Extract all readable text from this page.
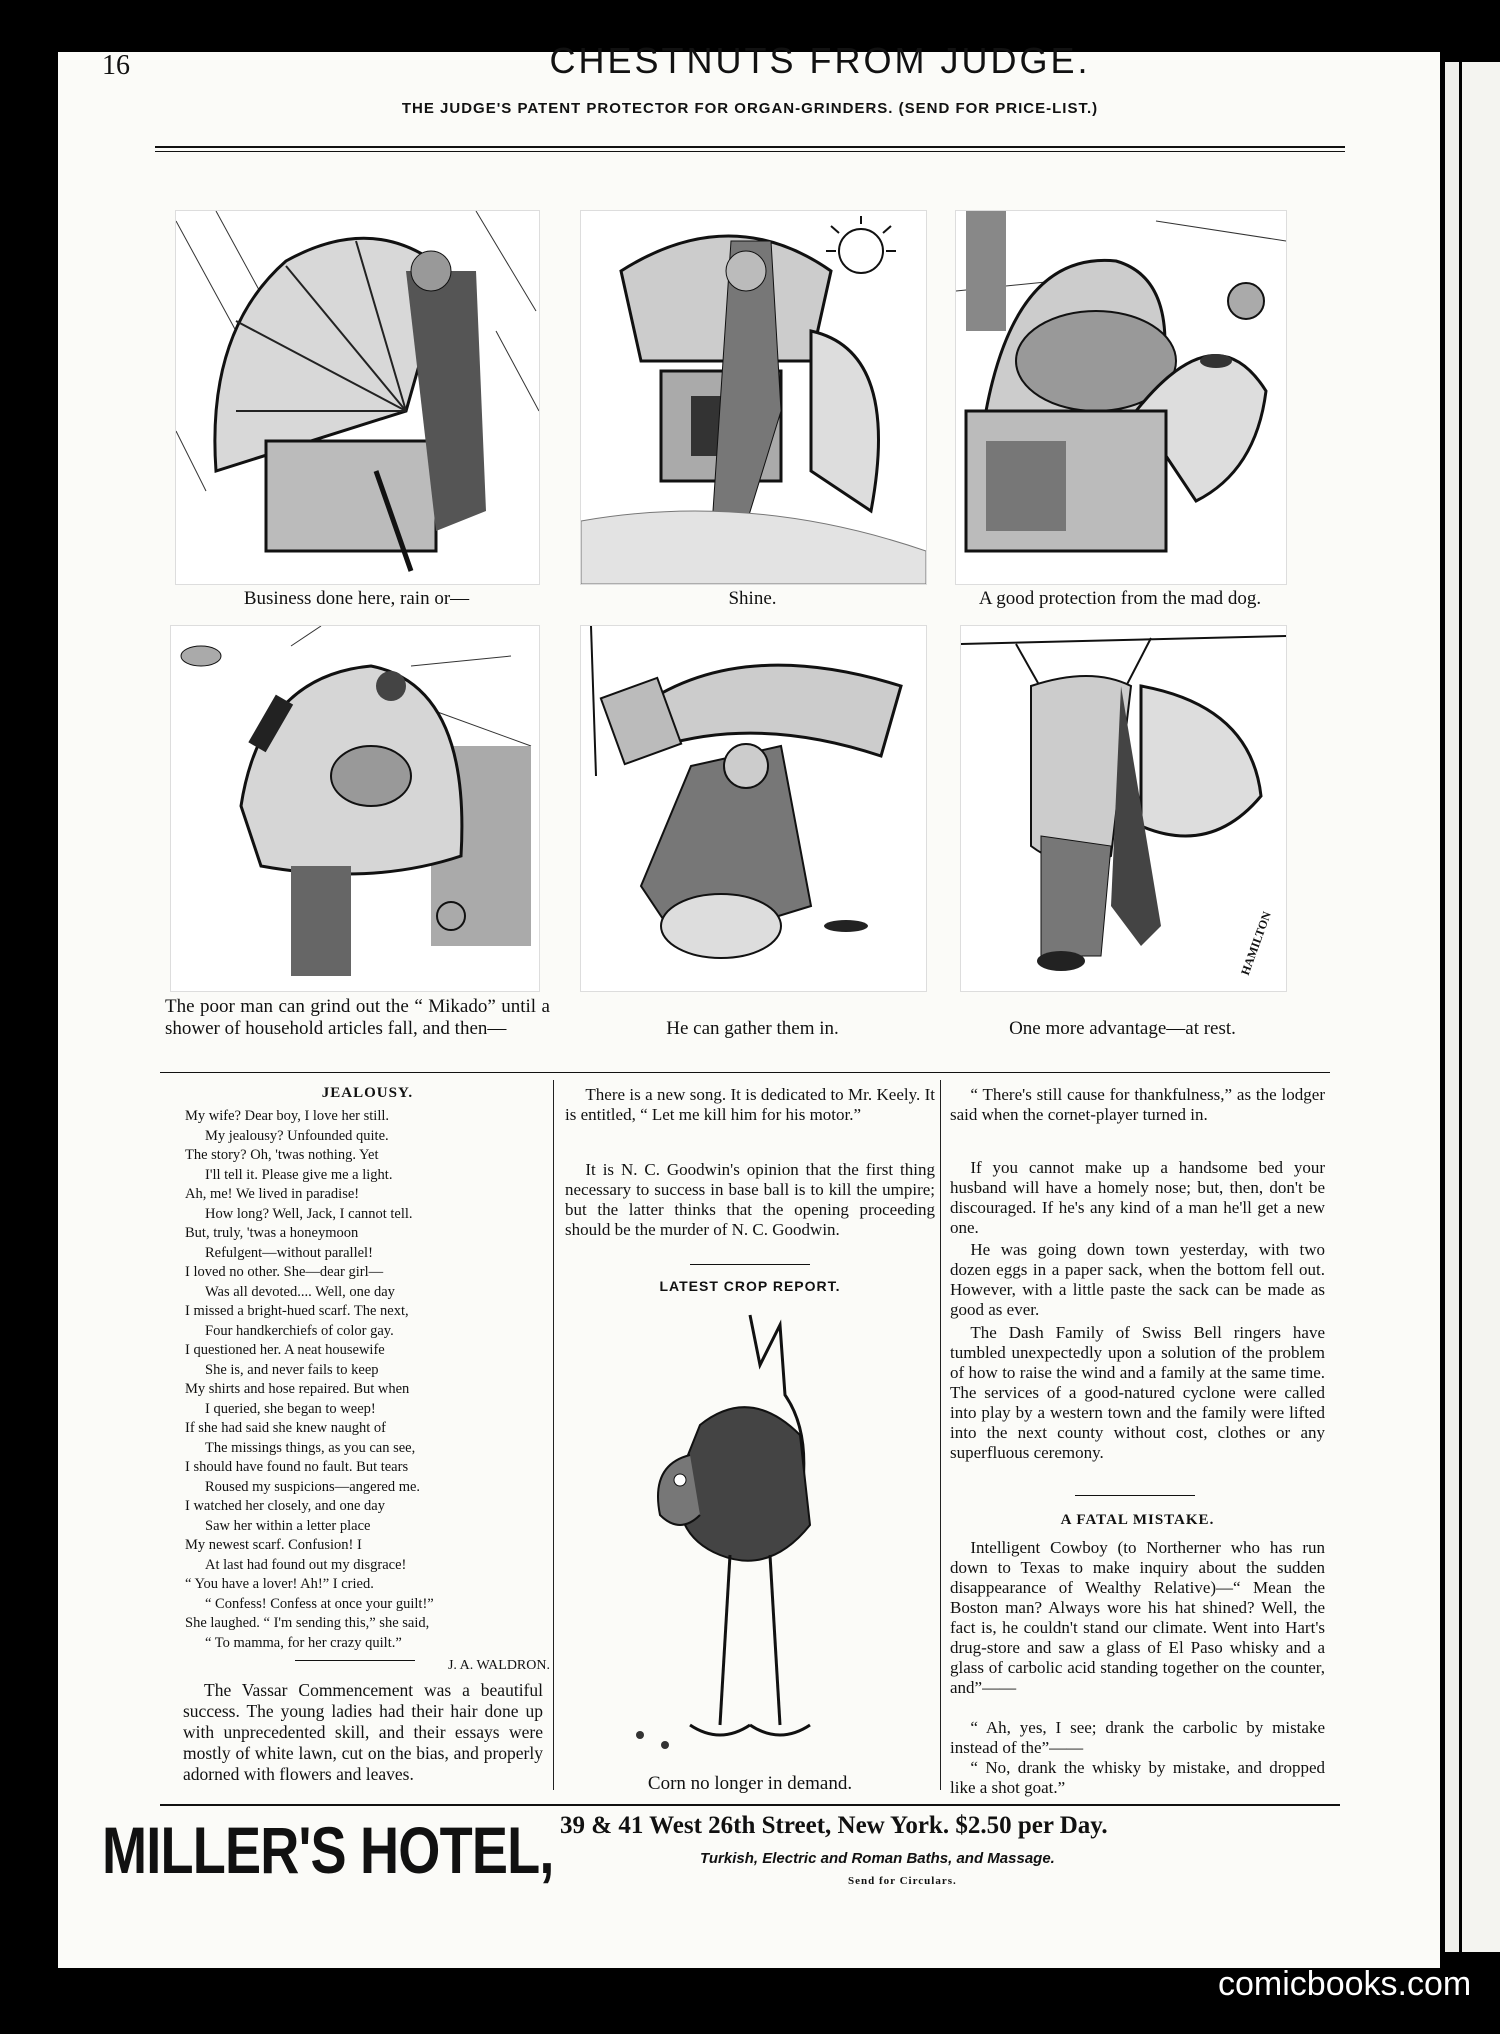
16	CHESTNUTS FROM JUDGE.
THE JUDGE'S PATENT PROTECTOR FOR ORGAN-GRINDERS. (SEND FOR PRICE-LIST.)
Business done here, rain or—	Shine.	A good protection from the mad dog.
The poor man can grind out the “ Mikado” until a shower of household articles fall, and then—	He can gather them in.
HAMILTON
One more advantage—at rest.
JEALOUSY.
My wife? Dear boy, I love her still.
My jealousy? Unfounded quite.
The story? Oh, 'twas nothing. Yet
I'll tell it. Please give me a light.
Ah, me! We lived in paradise!
How long? Well, Jack, I cannot tell.
But, truly, 'twas a honeymoon
Refulgent—without parallel!
I loved no other. She—dear girl—
Was all devoted.... Well, one day
I missed a bright-hued scarf. The next,
Four handkerchiefs of color gay.
I questioned her. A neat housewife
She is, and never fails to keep
My shirts and hose repaired. But when
I queried, she began to weep!
If she had said she knew naught of
The missings things, as you can see,
I should have found no fault. But tears
Roused my suspicions—angered me.
I watched her closely, and one day
Saw her within a letter place
My newest scarf. Confusion! I
At last had found out my disgrace!
“ You have a lover! Ah!” I cried.
“ Confess! Confess at once your guilt!”
She laughed. “ I'm sending this,” she said,
“ To mamma, for her crazy quilt.”
J. A. WALDRON.
The Vassar Commencement was a beautiful success. The young ladies had their hair done up with unprecedented skill, and their essays were mostly of white lawn, cut on the bias, and properly adorned with flowers and leaves.
There is a new song. It is dedicated to Mr. Keely. It is entitled, “ Let me kill him for his motor.”
It is N. C. Goodwin's opinion that the first thing necessary to success in base ball is to kill the umpire; but the latter thinks that the opening proceeding should be the murder of N. C. Goodwin.
LATEST CROP REPORT.
Corn no longer in demand.
“ There's still cause for thankfulness,” as the lodger said when the cornet-player turned in.
If you cannot make up a handsome bed your husband will have a homely nose; but, then, don't be discouraged. If he's any kind of a man he'll get a new one.
He was going down town yesterday, with two dozen eggs in a paper sack, when the bottom fell out. However, with a little paste the sack can be made as good as ever.
The Dash Family of Swiss Bell ringers have tumbled unexpectedly upon a solution of the problem of how to raise the wind and a family at the same time. The services of a good-natured cyclone were called into play by a western town and the family were lifted into the next county without cost, clothes or any superfluous ceremony.
A FATAL MISTAKE.
Intelligent Cowboy (to Northerner who has run down to Texas to make inquiry about the sudden disappearance of Wealthy Relative)—“ Mean the Boston man? Always wore his hat shined? Well, the fact is, he couldn't stand our climate. Went into Hart's drug-store and saw a glass of El Paso whisky and a glass of carbolic acid standing together on the counter, and”——
“ Ah, yes, I see; drank the carbolic by mistake instead of the”——
“ No, drank the whisky by mistake, and dropped like a shot goat.”
MILLER'S HOTEL, 39 & 41 West 26th Street, New York. $2.50 per Day.
Turkish, Electric and Roman Baths, and Massage.
Send for Circulars.
comicbooks.com
